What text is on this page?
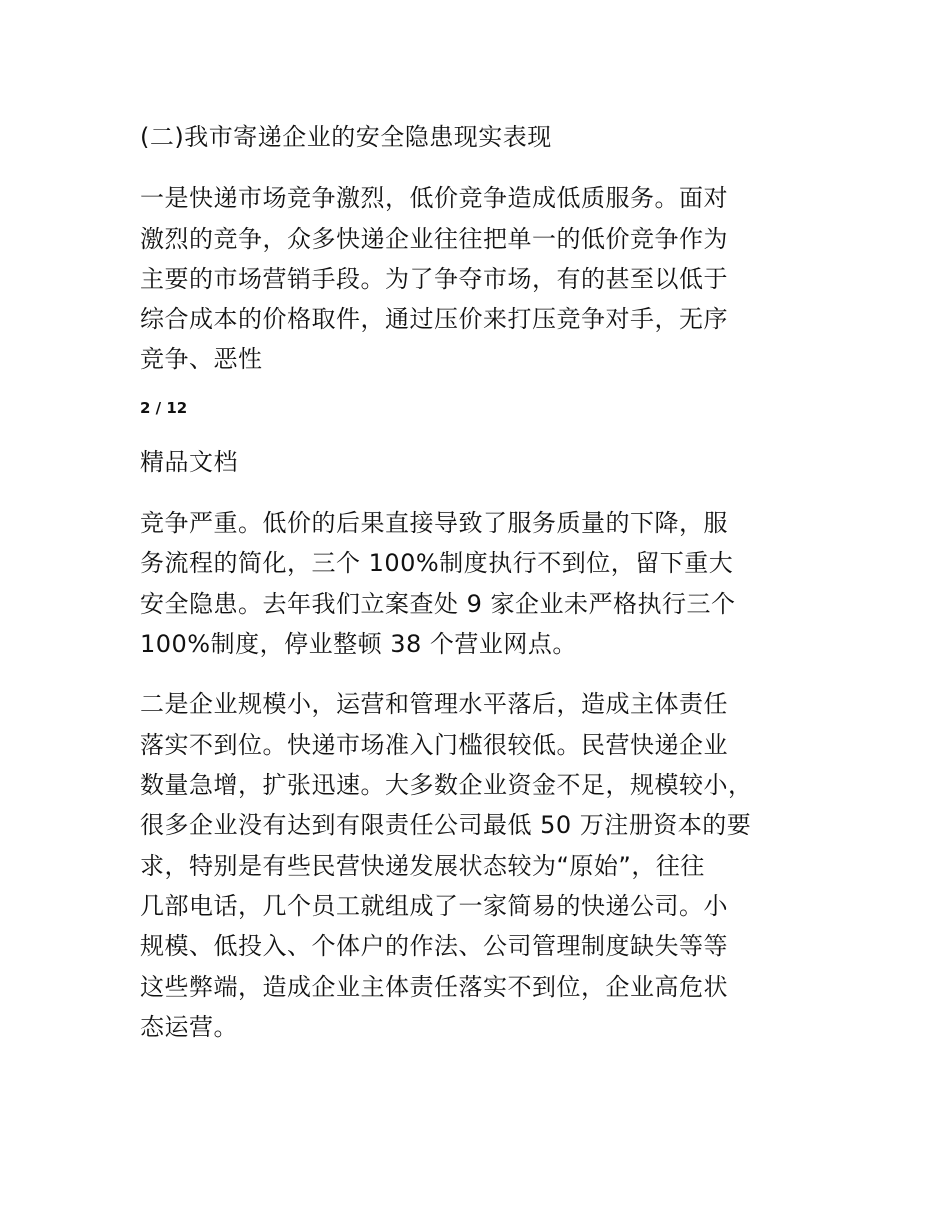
(二)我市寄递企业的安全隐患现实表现
一是快递市场竞争激烈，低价竞争造成低质服务。面对
激烈的竞争，众多快递企业往往把单一的低价竞争作为
主要的市场营销手段。为了争夺市场，有的甚至以低于
综合成本的价格取件，通过压价来打压竞争对手，无序
竞争、恶性
2 / 12
精品文档
竞争严重。低价的后果直接导致了服务质量的下降，服
务流程的简化，三个 100%制度执行不到位，留下重大
安全隐患。去年我们立案查处 9 家企业未严格执行三个
100%制度，停业整顿 38 个营业网点。
二是企业规模小，运营和管理水平落后，造成主体责任
落实不到位。快递市场准入门槛很较低。民营快递企业
数量急增，扩张迅速。大多数企业资金不足，规模较小，
很多企业没有达到有限责任公司最低 50 万注册资本的要
求，特别是有些民营快递发展状态较为“原始”，往往
几部电话，几个员工就组成了一家简易的快递公司。小
规模、低投入、个体户的作法、公司管理制度缺失等等
这些弊端，造成企业主体责任落实不到位，企业高危状
态运营。
